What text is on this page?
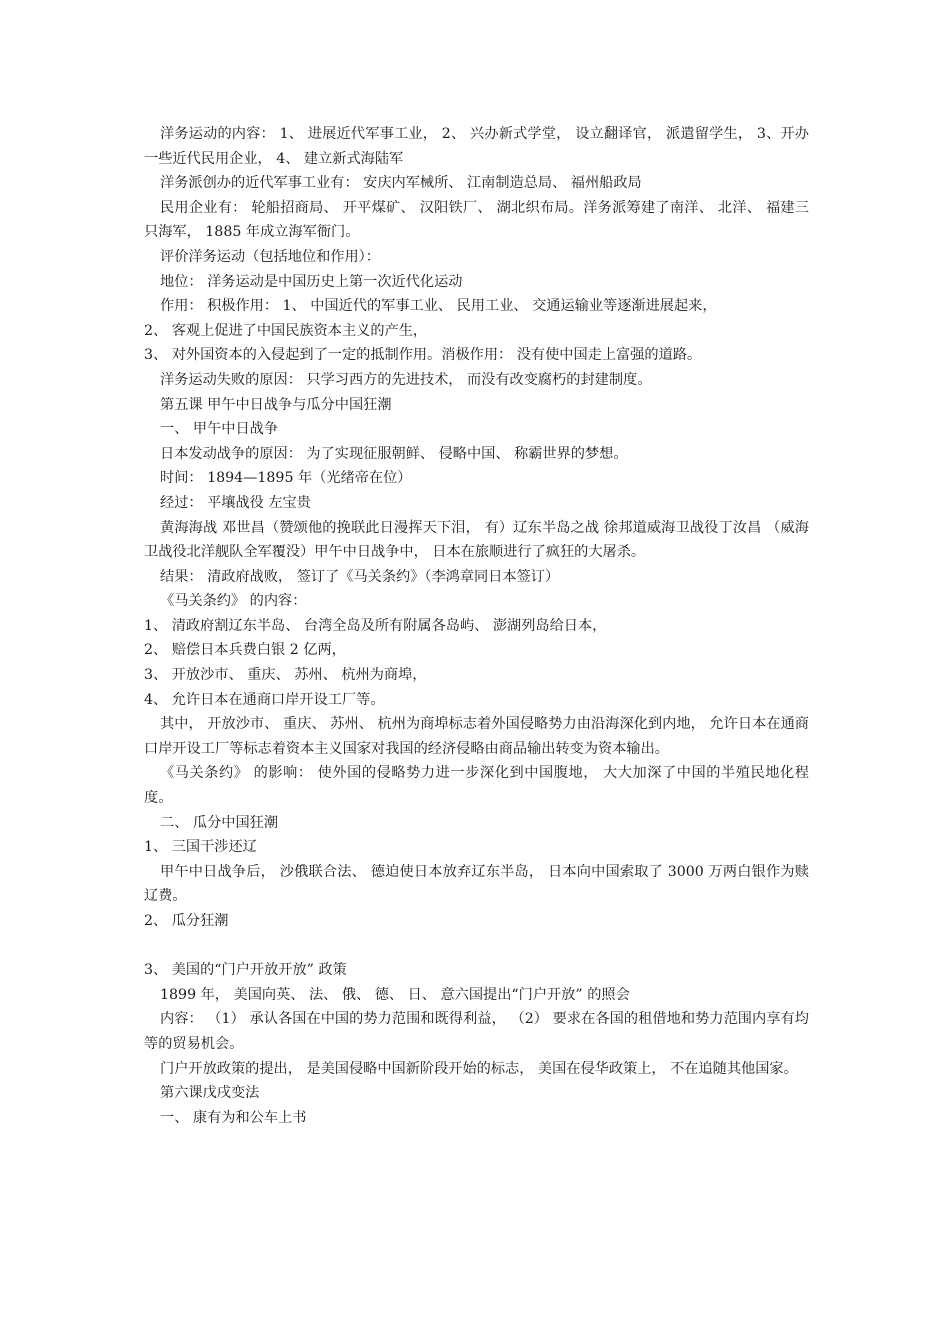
洋务运动的内容： 1、 进展近代军事工业， 2、 兴办新式学堂， 设立翻译官， 派遣留学生， 3、开办一些近代民用企业， 4、 建立新式海陆军
洋务派创办的近代军事工业有： 安庆内军械所、 江南制造总局、 福州船政局
民用企业有： 轮船招商局、 开平煤矿、 汉阳铁厂、 湖北织布局。洋务派筹建了南洋、 北洋、 福建三只海军， 1885 年成立海军衙门。
评价洋务运动（包括地位和作用）：
地位： 洋务运动是中国历史上第一次近代化运动
作用： 积极作用： 1、 中国近代的军事工业、 民用工业、 交通运输业等逐渐进展起来，
2、 客观上促进了中国民族资本主义的产生，
3、 对外国资本的入侵起到了一定的抵制作用。消极作用： 没有使中国走上富强的道路。
洋务运动失败的原因： 只学习西方的先进技术， 而没有改变腐朽的封建制度。
第五课 甲午中日战争与瓜分中国狂潮
一、 甲午中日战争
日本发动战争的原因： 为了实现征服朝鲜、 侵略中国、 称霸世界的梦想。
时间： 1894—1895 年（光绪帝在位）
经过： 平壤战役 左宝贵
黄海海战 邓世昌（赞颂他的挽联此日漫挥天下泪， 有）辽东半岛之战 徐邦道威海卫战役丁汝昌 （威海卫战役北洋舰队全军覆没）甲午中日战争中， 日本在旅顺进行了疯狂的大屠杀。
结果： 清政府战败， 签订了《马关条约》（李鸿章同日本签订）
《马关条约》 的内容：
1、 清政府割辽东半岛、 台湾全岛及所有附属各岛屿、 澎湖列岛给日本，
2、 赔偿日本兵费白银 2 亿两，
3、 开放沙市、 重庆、 苏州、 杭州为商埠，
4、 允许日本在通商口岸开设工厂等。
其中， 开放沙市、 重庆、 苏州、 杭州为商埠标志着外国侵略势力由沿海深化到内地， 允许日本在通商口岸开设工厂等标志着资本主义国家对我国的经济侵略由商品输出转变为资本输出。
《马关条约》 的影响： 使外国的侵略势力进一步深化到中国腹地， 大大加深了中国的半殖民地化程度。
二、 瓜分中国狂潮
1、 三国干涉还辽
甲午中日战争后， 沙俄联合法、 德迫使日本放弃辽东半岛， 日本向中国索取了 3000 万两白银作为赎辽费。
2、 瓜分狂潮
3、 美国的“门户开放开放” 政策
1899 年， 美国向英、 法、 俄、 德、 日、 意六国提出“门户开放” 的照会
内容： （1） 承认各国在中国的势力范围和既得利益， （2） 要求在各国的租借地和势力范围内享有均等的贸易机会。
门户开放政策的提出， 是美国侵略中国新阶段开始的标志， 美国在侵华政策上， 不在追随其他国家。
第六课戊戌变法
一、 康有为和公车上书
